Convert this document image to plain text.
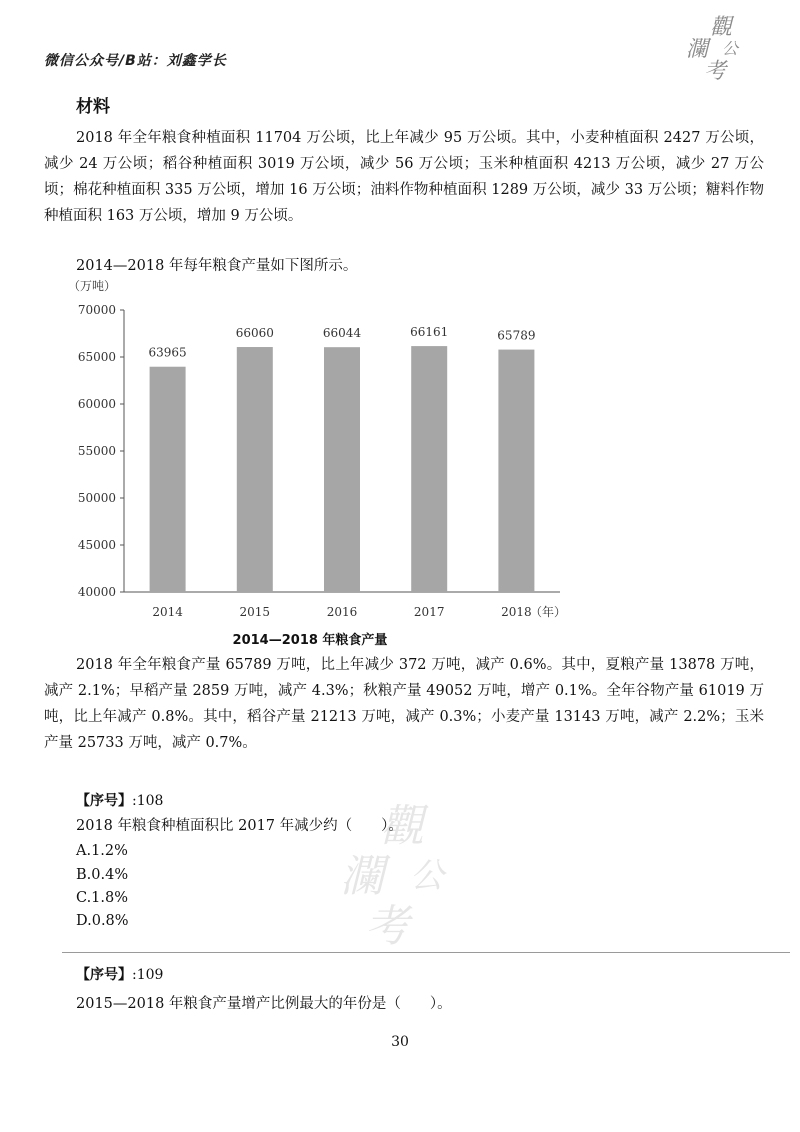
微信公众号/B站：刘鑫学长
觀
瀾 公
考
觀
瀾 公
考
材料

2018 年全年粮食种植面积 11704 万公顷，比上年减少 95 万公顷。其中，小麦种植面积 2427 万公顷，减少 24 万公顷；稻谷种植面积 3019 万公顷，减少 56 万公顷；玉米种植面积 4213 万公顷，减少 27 万公顷；棉花种植面积 335 万公顷，增加 16 万公顷；油料作物种植面积 1289 万公顷，减少 33 万公顷；糖料作物种植面积 163 万公顷，增加 9 万公顷。

2014—2018 年每年粮食产量如下图所示。
（万吨）
70000
65000
60000
55000
50000
45000
40000
63965
2014
66060
2015
66044
2016
66161
2017
65789
2018
（年）
2014—2018 年粮食产量

2018 年全年粮食产量 65789 万吨，比上年减少 372 万吨，减产 0.6%。其中，夏粮产量 13878 万吨，减产 2.1%；早稻产量 2859 万吨，减产 4.3%；秋粮产量 49052 万吨，增产 0.1%。全年谷物产量 61019 万吨，比上年减产 0.8%。其中，稻谷产量 21213 万吨，减产 0.3%；小麦产量 13143 万吨，减产 2.2%；玉米产量 25733 万吨，减产 0.7%。

【序号】:108
2018 年粮食种植面积比 2017 年减少约（　　）。
A.1.2%
B.0.4%
C.1.8%
D.0.8%
【序号】:109
2015—2018 年粮食产量增产比例最大的年份是（　　）。
30
